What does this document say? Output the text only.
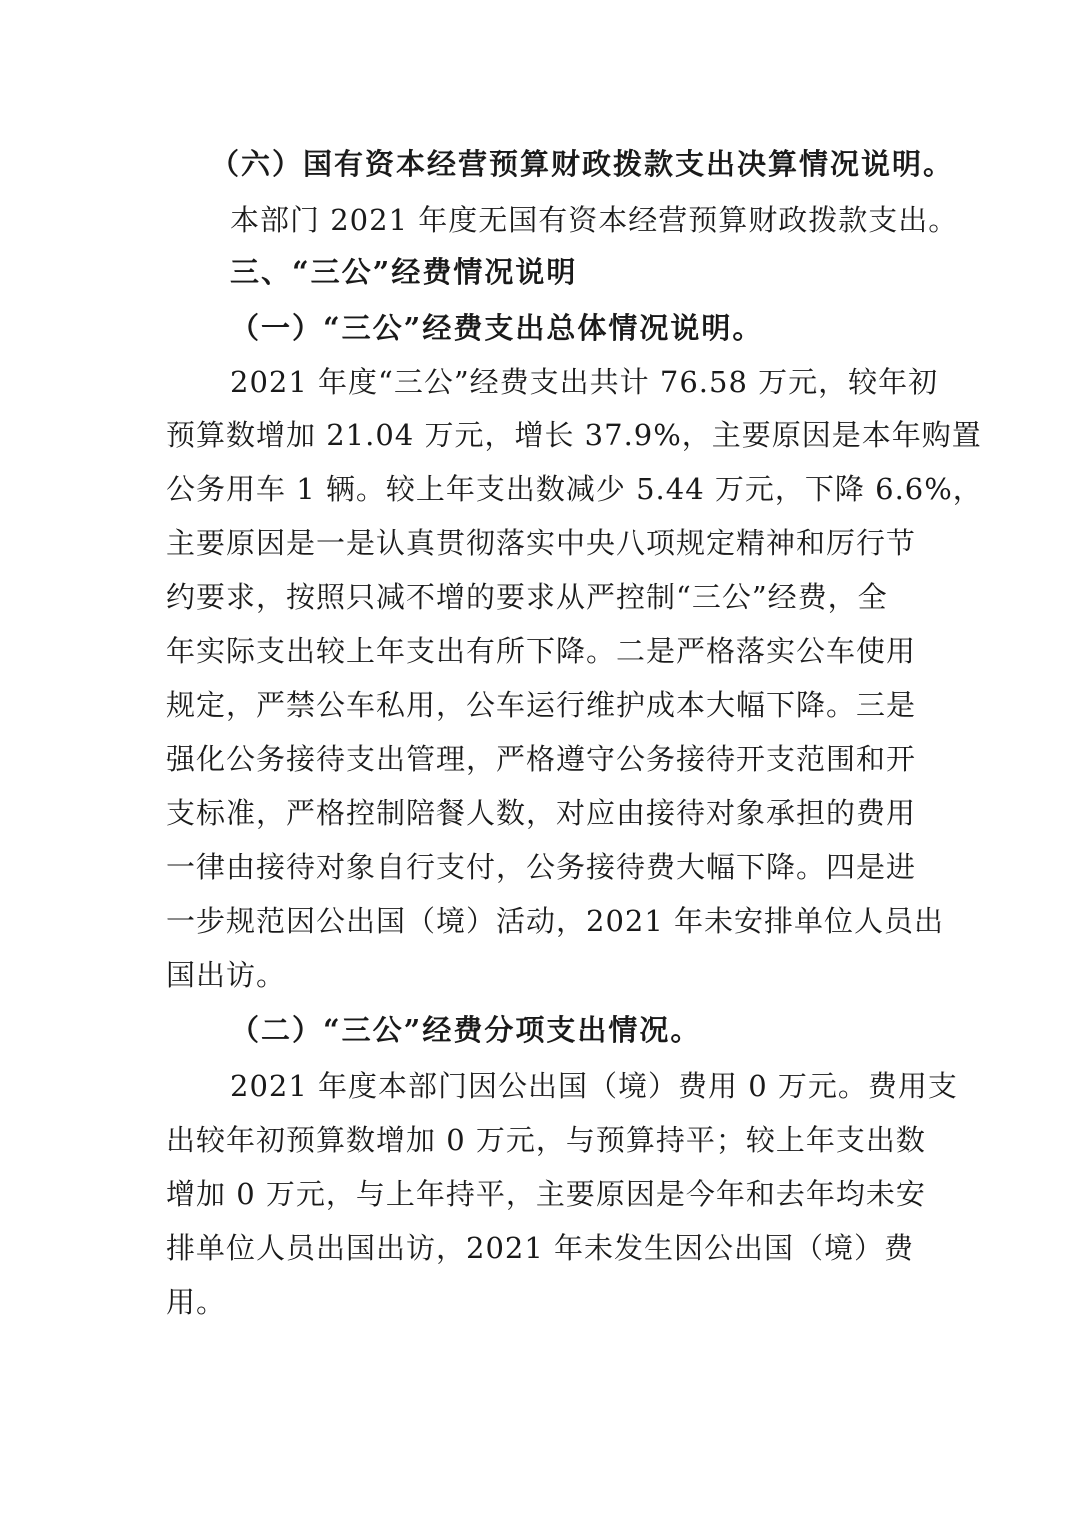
（六）国有资本经营预算财政拨款支出决算情况说明。
本部门 2021 年度无国有资本经营预算财政拨款支出。
三、“三公”经费情况说明
（一）“三公”经费支出总体情况说明。
2021 年度“三公”经费支出共计 76.58 万元，较年初
预算数增加 21.04 万元，增长 37.9%，主要原因是本年购置
公务用车 1 辆。较上年支出数减少 5.44 万元，下降 6.6%，
主要原因是一是认真贯彻落实中央八项规定精神和厉行节
约要求，按照只减不增的要求从严控制“三公”经费，全
年实际支出较上年支出有所下降。二是严格落实公车使用
规定，严禁公车私用，公车运行维护成本大幅下降。三是
强化公务接待支出管理，严格遵守公务接待开支范围和开
支标准，严格控制陪餐人数，对应由接待对象承担的费用
一律由接待对象自行支付，公务接待费大幅下降。四是进
一步规范因公出国（境）活动，2021 年未安排单位人员出
国出访。
（二）“三公”经费分项支出情况。
2021 年度本部门因公出国（境）费用 0 万元。费用支
出较年初预算数增加 0 万元，与预算持平；较上年支出数
增加 0 万元，与上年持平，主要原因是今年和去年均未安
排单位人员出国出访，2021 年未发生因公出国（境）费
用。
